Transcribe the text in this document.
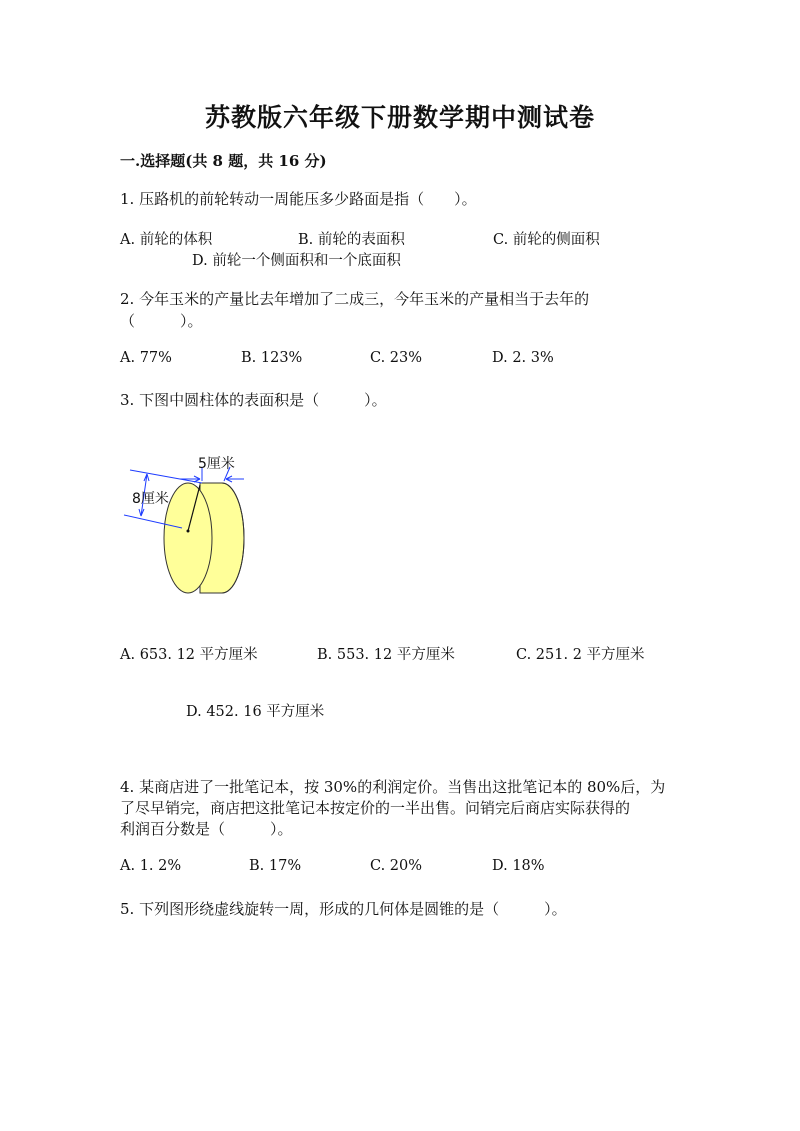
苏教版六年级下册数学期中测试卷
一.选择题(共 8 题，共 16 分)
1. 压路机的前轮转动一周能压多少路面是指（　　）。
A. 前轮的体积	B. 前轮的表面积	C. 前轮的侧面积
D. 前轮一个侧面积和一个底面积
2. 今年玉米的产量比去年增加了二成三，今年玉米的产量相当于去年的
（　　　）。
A. 77%	B. 123%	C. 23%	D. 2. 3%
3. 下图中圆柱体的表面积是（　　　）。
5厘米
8厘米
A. 653. 12 平方厘米	B. 553. 12 平方厘米	C. 251. 2 平方厘米
D. 452. 16 平方厘米
4. 某商店进了一批笔记本，按 30%的利润定价。当售出这批笔记本的 80%后，为
了尽早销完，商店把这批笔记本按定价的一半出售。问销完后商店实际获得的
利润百分数是（　　　）。
A. 1. 2%	B. 17%	C. 20%	D. 18%
5. 下列图形绕虚线旋转一周，形成的几何体是圆锥的是（　　　）。
